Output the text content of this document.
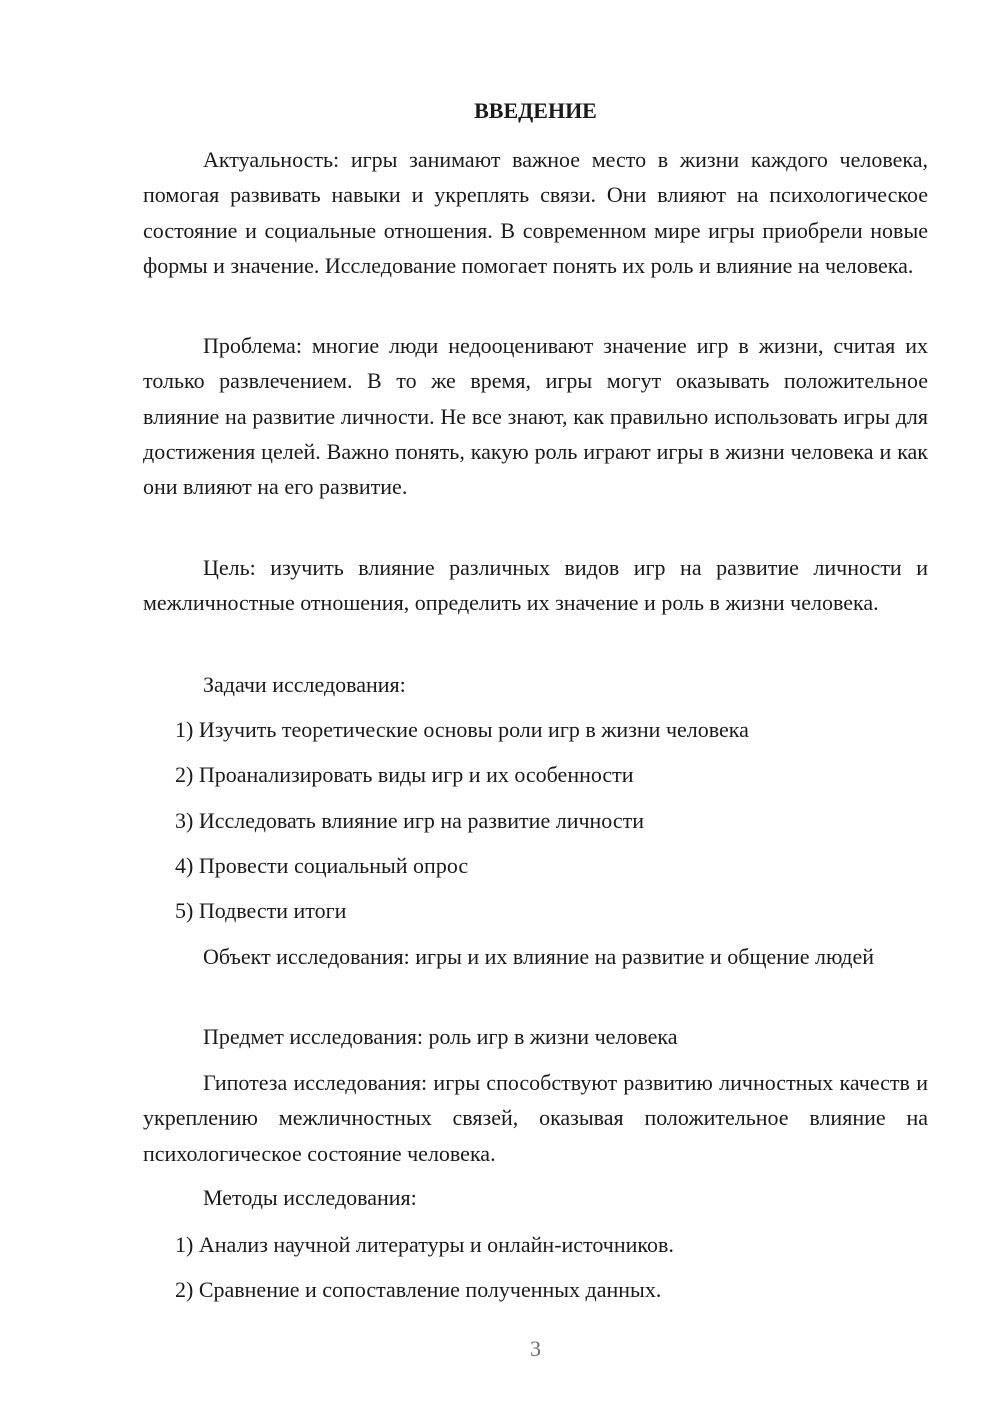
ВВЕДЕНИЕ

Актуальность: игры занимают важное место в жизни каждого человека, помогая развивать навыки и укреплять связи. Они влияют на психологическое состояние и социальные отношения. В современном мире игры приобрели новые формы и значение. Исследование помогает понять их роль и влияние на человека.

Проблема: многие люди недооценивают значение игр в жизни, считая их только развлечением. В то же время, игры могут оказывать положительное влияние на развитие личности. Не все знают, как правильно использовать игры для достижения целей. Важно понять, какую роль играют игры в жизни человека и как они влияют на его развитие.

Цель: изучить влияние различных видов игр на развитие личности и межличностные отношения, определить их значение и роль в жизни человека.

Задачи исследования:

1) Изучить теоретические основы роли игр в жизни человека

2) Проанализировать виды игр и их особенности

3) Исследовать влияние игр на развитие личности

4) Провести социальный опрос

5) Подвести итоги

Объект исследования: игры и их влияние на развитие и общение людей

Предмет исследования: роль игр в жизни человека

Гипотеза исследования: игры способствуют развитию личностных качеств и укреплению межличностных связей, оказывая положительное влияние на психологическое состояние человека.

Методы исследования:

1) Анализ научной литературы и онлайн-источников.

2) Сравнение и сопоставление полученных данных.

3
